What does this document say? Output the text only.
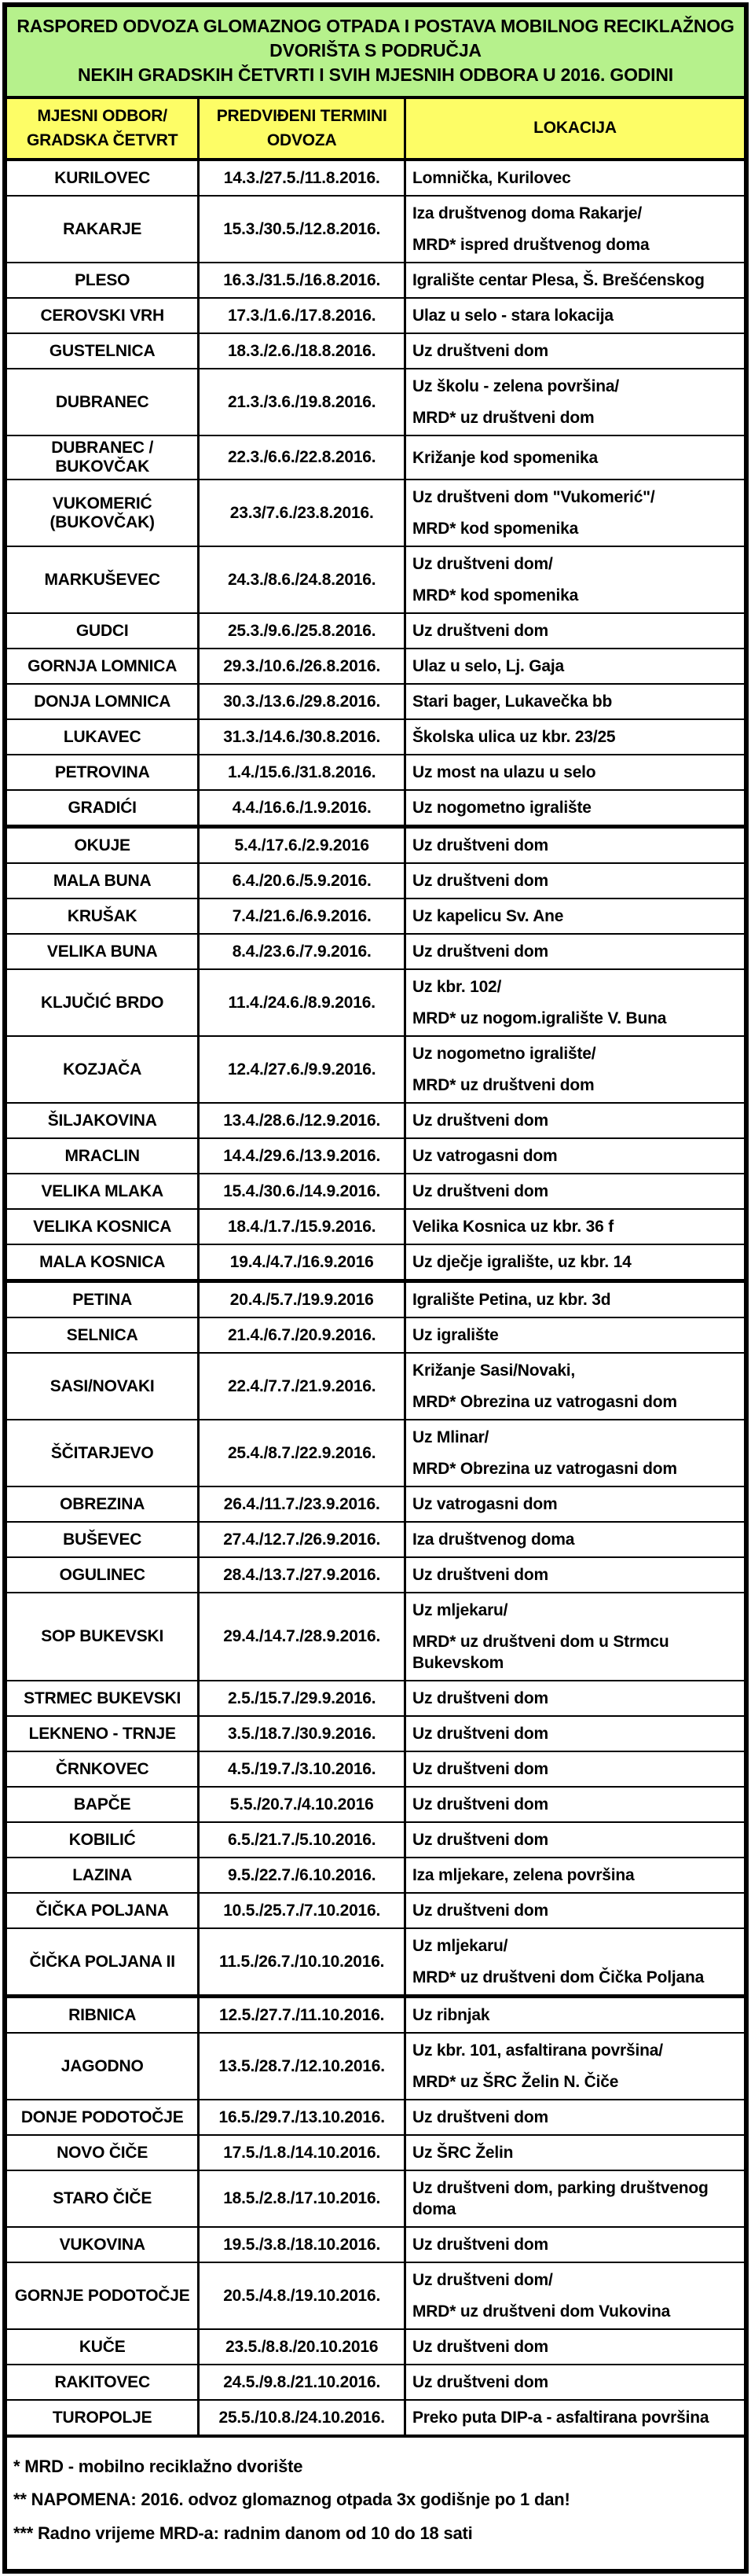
RASPORED ODVOZA GLOMAZNOG OTPADA I POSTAVA MOBILNOG RECIKLAŽNOG DVORIŠTA S PODRUČJA
NEKIH GRADSKIH ČETVRTI I SVIH MJESNIH ODBORA U 2016. GODINI
MJESNI ODBOR/ GRADSKA ČETVRT	PREDVIĐENI TERMINI ODVOZA	LOKACIJA
KURILOVEC	14.3./27.5./11.8.2016.	Lomnička, Kurilovec

RAKARJE	15.3./30.5./12.8.2016.	Iza društvenog doma Rakarje/
MRD* ispred društvenog doma

PLESO	16.3./31.5./16.8.2016.	Igralište centar Plesa, Š. Brešćenskog

CEROVSKI VRH	17.3./1.6./17.8.2016.	Ulaz u selo - stara lokacija

GUSTELNICA	18.3./2.6./18.8.2016.	Uz društveni dom

DUBRANEC	21.3./3.6./19.8.2016.	Uz školu - zelena površina/
MRD* uz društveni dom

DUBRANEC / BUKOVČAK	22.3./6.6./22.8.2016.	Križanje kod spomenika

VUKOMERIĆ (BUKOVČAK)	23.3/7.6./23.8.2016.	Uz društveni dom "Vukomerić"/
MRD* kod spomenika

MARKUŠEVEC	24.3./8.6./24.8.2016.	Uz društveni dom/
MRD* kod spomenika

GUDCI	25.3./9.6./25.8.2016.	Uz društveni dom

GORNJA LOMNICA	29.3./10.6./26.8.2016.	Ulaz u selo, Lj. Gaja

DONJA LOMNICA	30.3./13.6./29.8.2016.	Stari bager, Lukavečka bb

LUKAVEC	31.3./14.6./30.8.2016.	Školska ulica uz kbr. 23/25

PETROVINA	1.4./15.6./31.8.2016.	Uz most na ulazu u selo

GRADIĆI	4.4./16.6./1.9.2016.	Uz nogometno igralište

OKUJE	5.4./17.6./2.9.2016	Uz društveni dom

MALA BUNA	6.4./20.6./5.9.2016.	Uz društveni dom

KRUŠAK	7.4./21.6./6.9.2016.	Uz kapelicu Sv. Ane

VELIKA BUNA	8.4./23.6./7.9.2016.	Uz društveni dom

KLJUČIĆ BRDO	11.4./24.6./8.9.2016.	Uz kbr. 102/
MRD* uz nogom.igralište V. Buna

KOZJAČA	12.4./27.6./9.9.2016.	Uz nogometno igralište/
MRD* uz društveni dom

ŠILJAKOVINA	13.4./28.6./12.9.2016.	Uz društveni dom

MRACLIN	14.4./29.6./13.9.2016.	Uz vatrogasni dom

VELIKA MLAKA	15.4./30.6./14.9.2016.	Uz društveni dom

VELIKA KOSNICA	18.4./1.7./15.9.2016.	Velika Kosnica uz kbr. 36 f

MALA KOSNICA	19.4./4.7./16.9.2016	Uz dječje igralište, uz kbr. 14

PETINA	20.4./5.7./19.9.2016	Igralište Petina, uz kbr. 3d

SELNICA	21.4./6.7./20.9.2016.	Uz igralište

SASI/NOVAKI	22.4./7.7./21.9.2016.	Križanje Sasi/Novaki,
MRD* Obrezina uz vatrogasni dom

ŠČITARJEVO	25.4./8.7./22.9.2016.	Uz Mlinar/
MRD* Obrezina uz vatrogasni dom

OBREZINA	26.4./11.7./23.9.2016.	Uz vatrogasni dom

BUŠEVEC	27.4./12.7./26.9.2016.	Iza društvenog doma

OGULINEC	28.4./13.7./27.9.2016.	Uz društveni dom

SOP BUKEVSKI	29.4./14.7./28.9.2016.	Uz mljekaru/
MRD* uz društveni dom u Strmcu Bukevskom

STRMEC BUKEVSKI	2.5./15.7./29.9.2016.	Uz društveni dom

LEKNENO - TRNJE	3.5./18.7./30.9.2016.	Uz društveni dom

ČRNKOVEC	4.5./19.7./3.10.2016.	Uz društveni dom

BAPČE	5.5./20.7./4.10.2016	Uz društveni dom

KOBILIĆ	6.5./21.7./5.10.2016.	Uz društveni dom

LAZINA	9.5./22.7./6.10.2016.	Iza mljekare, zelena površina

ČIČKA POLJANA	10.5./25.7./7.10.2016.	Uz društveni dom

ČIČKA POLJANA II	11.5./26.7./10.10.2016.	Uz mljekaru/
MRD* uz društveni dom Čička Poljana

RIBNICA	12.5./27.7./11.10.2016.	Uz ribnjak

JAGODNO	13.5./28.7./12.10.2016.	Uz kbr. 101, asfaltirana površina/
MRD* uz ŠRC Želin N. Čiče

DONJE PODOTOČJE	16.5./29.7./13.10.2016.	Uz društveni dom

NOVO ČIČE	17.5./1.8./14.10.2016.	Uz ŠRC Želin

STARO ČIČE	18.5./2.8./17.10.2016.	Uz društveni dom, parking društvenog doma

VUKOVINA	19.5./3.8./18.10.2016.	Uz društveni dom

GORNJE PODOTOČJE	20.5./4.8./19.10.2016.	Uz društveni dom/
MRD* uz društveni dom Vukovina

KUČE	23.5./8.8./20.10.2016	Uz društveni dom

RAKITOVEC	24.5./9.8./21.10.2016.	Uz društveni dom

TUROPOLJE	25.5./10.8./24.10.2016.	Preko puta DIP-a - asfaltirana površina
* MRD - mobilno reciklažno dvorište
** NAPOMENA: 2016. odvoz glomaznog otpada 3x godišnje po 1 dan!
*** Radno vrijeme MRD-a: radnim danom od 10 do 18 sati
